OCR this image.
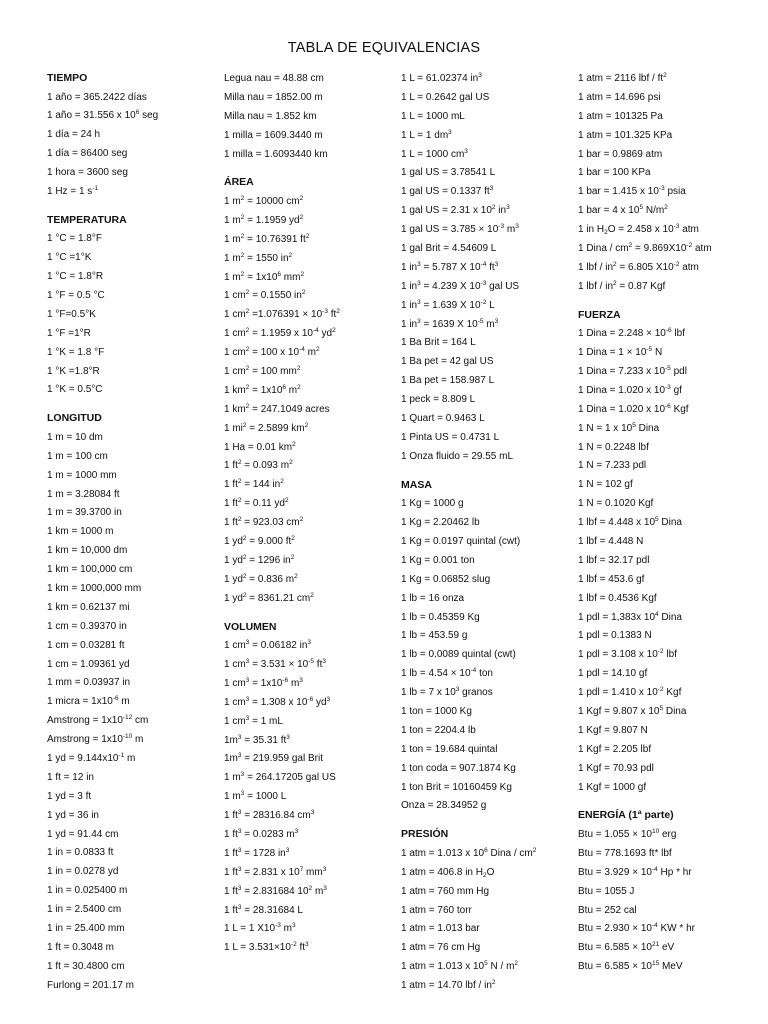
TABLA DE EQUIVALENCIAS
TIEMPO
1 año = 365.2422 días
1 año = 31.556 x $10^6$ seg
1 día = 24 h
1 día = 86400 seg
1 hora = 3600 seg
1 Hz = 1 $s^{-1}$
TEMPERATURA
1 °C = 1.8°F
1 °C =1°K
1 °C = 1.8°R
1 °F = 0.5 °C
1 °F=0.5°K
1 °F =1°R
1 °K = 1.8 °F
1 °K =1.8°R
1 °K = 0.5°C
LONGITUD
1 m = 10 dm
1 m = 100 cm
1 m = 1000 mm
1 m = 3.28084 ft
1 m = 39.3700 in
1 km = 1000 m
1 km = 10,000 dm
1 km = 100,000 cm
1 km = 1000,000 mm
1 km = 0.62137 mi
1 cm = 0.39370 in
1 cm = 0.03281 ft
1 cm = 1.09361 yd
1 mm = 0.03937 in
1 micra = $1x10^{-6}$ m
Amstrong = $1x10^{-12}$ cm
Amstrong = $1x10^{-10}$ m
1 yd = $9.144x10^{-1}$ m
1 ft = 12 in
1 yd = 3 ft
1 yd = 36 in
1 yd = 91.44 cm
1 in = 0.0833 ft
1 in = 0.0278 yd
1 in = 0.025400 m
1 in = 2.5400 cm
1 in = 25.400 mm
1 ft = 0.3048 m
1 ft = 30.4800 cm
Furlong = 201.17 m
Legua nau = 48.88 cm
Milla nau = 1852.00 m
Milla nau = 1.852 km
1 milla = 1609.3440 m
1 milla = 1.6093440 km
ÁREA
1 $m^2 = 10000$ $cm^2$
1 $m^2 = 1.1959$ $yd^2$
1 $m^2 = 10.76391$ $ft^2$
1 $m^2 = 1550$ $in^2$
1 $m^2 = 1x10^6$ $mm^2$
1 $cm^2 = 0.1550$ $in^2$
1 $cm^2 =1.076391 \times 10^{-3}$ $ft^2$
1 $cm^2 = 1.1959$ x $10^{-4}$ $yd^2$
1 $cm^2 = 100$ x $10^{-4}$ $m^2$
1 $cm^2 = 100$ $mm^2$
1 $km^2 = 1x10^6$ $m^2$
1 $km^2 = 247.1049$ acres
1 $mi^2 = 2.5899$ $km^2$
1 Ha = 0.01 $km^2$
1 $ft^2 = 0.093$ $m^2$
1 $ft^2 = 144$ $in^2$
1 $ft^2 = 0.11$ $yd^2$
1 $ft^2 = 923.03$ $cm^2$
1 $yd^2 = 9.000$ $ft^2$
1 $yd^2 = 1296$ $in^2$
1 $yd^2 = 0.836$ $m^2$
1 $yd^2 = 8361.21$ $cm^2$
VOLUMEN
1 $cm^3 = 0.06182$ $in^3$
1 $cm^3 = 3.531 \times 10^{-5}$ $ft^3$
1 $cm^3 = 1x10^{-6}$ $m^3$
1 $cm^3 = 1.308$ x $10^{-6}$ $yd^3$
1 $cm^3 = 1$ mL
$1m^3 = 35.31$ $ft^3$
$1m^3 = 219.959$ gal Brit
1 $m^3 = 264.17205$ gal US
1 $m^3 = 1000$ L
1 $ft^3 = 28316.84$ $cm^3$
1 $ft^3 = 0.0283$ $m^3$
1 $ft^3 = 1728$ $in^3$
1 $ft^3 = 2.831$ x $10^7$ $mm^3$
1 $ft^3 = 2.831684$ $10^2$ $m^3$
1 $ft^3 = 28.31684$ L
1 L = 1 $X10^{-3}$ $m^3$
1 $L = 3.531\times 10^{-2}$ $ft^3$
1 L = 61.02374 $in^3$
1 L = 0.2642 gal US
1 L = 1000 mL
1 L = 1 $dm^3$
1 L = 1000 $cm^3$
1 gal US = 3.78541 L
1 gal US = 0.1337 $ft^3$
1 gal US = 2.31 x $10^2$ $in^3$
1 gal US = $3.785 \times 10^{-3}$ $m^3$
1 gal Brit = 4.54609 L
1 $in^3 = 5.787$ X $10^{-4}$ $ft^3$
1 $in^3 = 4.239$ X $10^{-3}$ gal US
1 $in^3 = 1.639$ X $10^{-2}$ L
1 $in^3 = 1639$ X $10^{-5}$ $m^3$
1 Ba Brit = 164 L
1 Ba pet = 42 gal US
1 Ba pet = 158.987 L
1 peck = 8.809 L
1 Quart = 0.9463 L
1 Pinta US = 0.4731 L
1 Onza fluido = 29.55 mL
MASA
1 Kg = 1000 g
1 Kg = 2.20462 lb
1 Kg = 0.0197 quintal (cwt)
1 Kg = 0.001 ton
1 Kg = 0.06852 slug
1 lb = 16 onza
1 lb = 0.45359 Kg
1 lb = 453.59 g
1 lb = 0.0089 quintal (cwt)
1 lb = $4.54 \times 10^{-4}$ ton
1 lb = 7 x $10^3$ granos
1 ton = 1000 Kg
1 ton = 2204.4 lb
1 ton = 19.684 quintal
1 ton coda = 907.1874 Kg
1 ton Brit = 10160459 Kg
Onza = 28.34952 g
PRESIÓN
1 atm = 1.013 x $10^6$ Dina / $cm^2$
1 atm = 406.8 in $H_2O$
1 atm = 760 mm Hg
1 atm = 760 torr
1 atm = 1.013 bar
1 atm = 76 cm Hg
1 atm = 1.013 x $10^5$ N / $m^2$
1 atm = 14.70 lbf / $in^2$
1 atm = 2116 lbf / $ft^2$
1 atm = 14.696 psi
1 atm = 101325 Pa
1 atm = 101.325 KPa
1 bar = 0.9869 atm
1 bar = 100 KPa
1 bar = 1.415 x $10^{-3}$ psia
1 bar = 4 x $10^5$ $N/m^2$
1 in $H_2O = 2.458$ x $10^{-3}$ atm
1 Dina / $cm^2 = 9.869X10^{-2}$ atm
1 lbf / $in^2 = 6.805$ $X10^{-2}$ atm
1 lbf / $in^2 = 0.87$ Kgf
FUERZA
1 Dina = $2.248 \times 10^{-6}$ lbf
1 Dina = $1 \times 10^{-5}$ N
1 Dina = 7.233 x $10^{-5}$ pdl
1 Dina = 1.020 x $10^{-3}$ gf
1 Dina = 1.020 x $10^{-6}$ Kgf
1 N = 1 x $10^5$ Dina
1 N = 0.2248 lbf
1 N = 7.233 pdl
1 N = 102 gf
1 N = 0.1020 Kgf
1 lbf = 4.448 x $10^5$ Dina
1 lbf = 4.448 N
1 lbf = 32.17 pdl
1 lbf = 453.6 gf
1 lbf = 0.4536 Kgf
1 pdl = 1,383x $10^4$ Dina
1 pdl = 0.1383 N
1 pdl = 3.108 x $10^{-2}$ lbf
1 pdl = 14.10 gf
1 pdl = 1.410 x $10^{-2}$ Kgf
1 Kgf = 9.807 x $10^5$ Dina
1 Kgf = 9.807 N
1 Kgf = 2.205 lbf
1 Kgf = 70.93 pdl
1 Kgf = 1000 gf
ENERGÍA (1ª parte)
Btu = $1.055 \times 10^{10}$ erg
Btu = 778.1693 ft* lbf
Btu = $3.929 \times 10^{-4}$ Hp * hr
Btu = 1055 J
Btu = 252 cal
Btu = $2.930 \times 10^{-4}$ KW * hr
Btu = $6.585 \times 10^{21}$ eV
Btu = $6.585 \times 10^{15}$ MeV
